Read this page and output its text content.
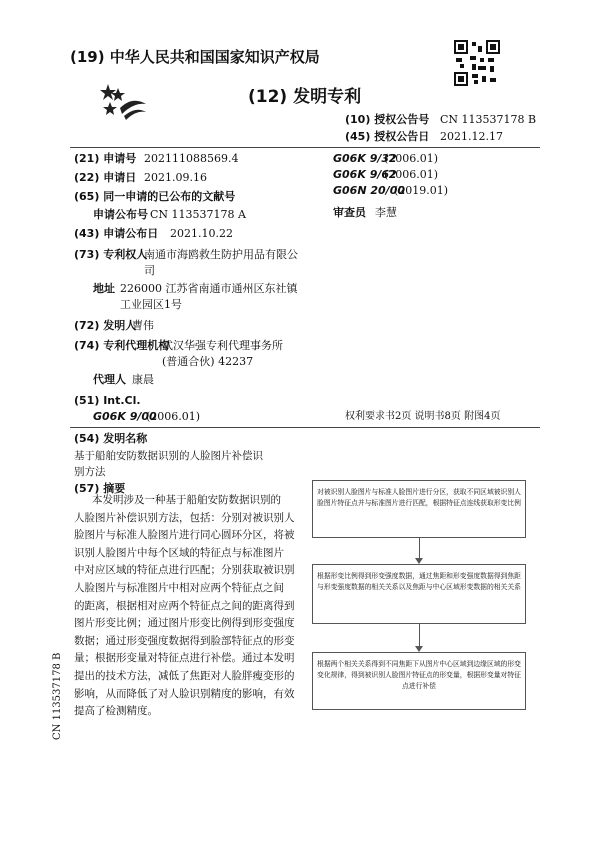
(19) 中华人民共和国国家知识产权局
(12) 发明专利
(10) 授权公告号 CN 113537178 B
(45) 授权公告日 2021.12.17
(21) 申请号 202111088569.4
(22) 申请日 2021.09.16
(65) 同一申请的已公布的文献号
申请公布号 CN 113537178 A
(43) 申请公布日 2021.10.22
(73) 专利权人
南通市海鸥救生防护用品有限公
司
地址 226000 江苏省南通市通州区东社镇
工业园区1号
(72) 发明人
曹伟
(74) 专利代理机构
武汉华强专利代理事务所
(普通合伙) 42237
代理人 康晨
(51) Int.Cl.
G06K 9/00
(2006.01)
G06K 9/32
(2006.01)
G06K 9/62
(2006.01)
G06N 20/00
(2019.01)
审查员 李慧
权利要求书2页 说明书8页 附图4页
(54) 发明名称
基于船舶安防数据识别的人脸图片补偿识
别方法
(57) 摘要
本发明涉及一种基于船舶安防数据识别的
人脸图片补偿识别方法，包括：分别对被识别人
脸图片与标准人脸图片进行同心圆环分区，将被
识别人脸图片中每个区域的特征点与标准图片
中对应区域的特征点进行匹配；分别获取被识别
人脸图片与标准图片中相对应两个特征点之间
的距离，根据相对应两个特征点之间的距离得到
图片形变比例；通过图片形变比例得到形变强度
数据；通过形变强度数据得到脸部特征点的形变
量；根据形变量对特征点进行补偿。通过本发明
提出的技术方法，减低了焦距对人脸胖瘦变形的
影响，从而降低了对人脸识别精度的影响，有效
提高了检测精度。
对被识别人脸图片与标准人脸图片进行分区，获取不同区域被识别人脸图片特征点并与标准图片进行匹配，根据特征点连线获取形变比例
根据形变比例得到形变强度数据，通过焦距和形变强度数据得到焦距与形变强度数据的相关关系以及焦距与中心区域形变数据的相关关系
根据两个相关关系得到不同焦距下从图片中心区域到边缘区域的形变变化规律，得到被识别人脸图片特征点的形变量，根据形变量对特征点进行补偿
CN 113537178 B
